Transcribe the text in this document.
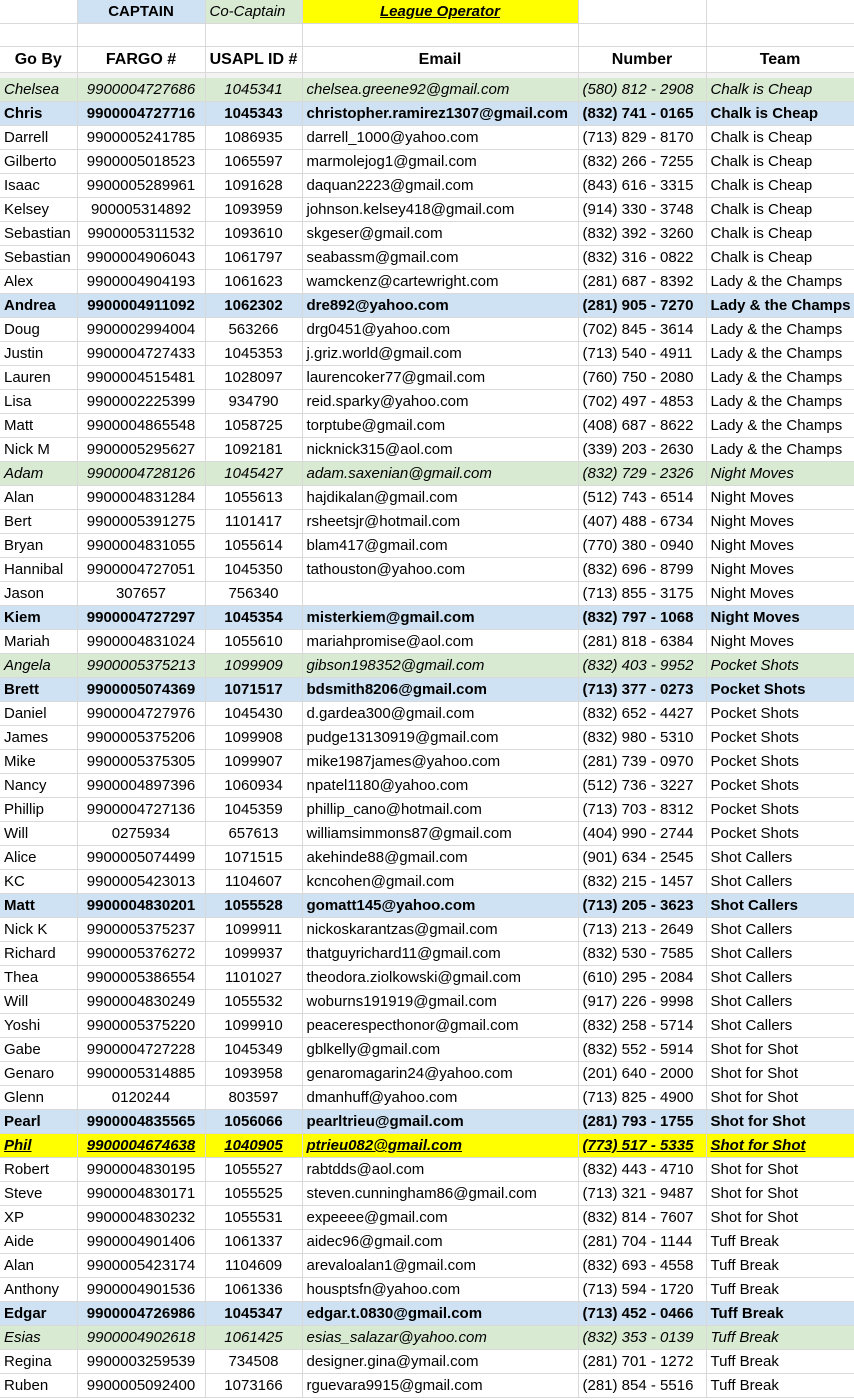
	CAPTAIN	Co-Captain	League Operator		

Go By	FARGO #	USAPL ID #	Email	Number	Team

Chelsea	9900004727686	1045341	chelsea.greene92@gmail.com	(580) 812 - 2908	Chalk is Cheap
Chris	9900004727716	1045343	christopher.ramirez1307@gmail.com	(832) 741 - 0165	Chalk is Cheap
Darrell	9900005241785	1086935	darrell_1000@yahoo.com	(713) 829 - 8170	Chalk is Cheap
Gilberto	9900005018523	1065597	marmolejog1@gmail.com	(832) 266 - 7255	Chalk is Cheap
Isaac	9900005289961	1091628	daquan2223@gmail.com	(843) 616 - 3315	Chalk is Cheap
Kelsey	900005314892	1093959	johnson.kelsey418@gmail.com	(914) 330 - 3748	Chalk is Cheap
Sebastian	9900005311532	1093610	skgeser@gmail.com	(832) 392 - 3260	Chalk is Cheap
Sebastian	9900004906043	1061797	seabassm@gmail.com	(832) 316 - 0822	Chalk is Cheap
Alex	9900004904193	1061623	wamckenz@cartewright.com	(281) 687 - 8392	Lady & the Champs
Andrea	9900004911092	1062302	dre892@yahoo.com	(281) 905 - 7270	Lady & the Champs
Doug	9900002994004	563266	drg0451@yahoo.com	(702) 845 - 3614	Lady & the Champs
Justin	9900004727433	1045353	j.griz.world@gmail.com	(713) 540 - 4911	Lady & the Champs
Lauren	9900004515481	1028097	laurencoker77@gmail.com	(760) 750 - 2080	Lady & the Champs
Lisa	9900002225399	934790	reid.sparky@yahoo.com	(702) 497 - 4853	Lady & the Champs
Matt	9900004865548	1058725	torptube@gmail.com	(408) 687 - 8622	Lady & the Champs
Nick M	9900005295627	1092181	nicknick315@aol.com	(339) 203 - 2630	Lady & the Champs
Adam	9900004728126	1045427	adam.saxenian@gmail.com	(832) 729 - 2326	Night Moves
Alan	9900004831284	1055613	hajdikalan@gmail.com	(512) 743 - 6514	Night Moves
Bert	9900005391275	1101417	rsheetsjr@hotmail.com	(407) 488 - 6734	Night Moves
Bryan	9900004831055	1055614	blam417@gmail.com	(770) 380 - 0940	Night Moves
Hannibal	9900004727051	1045350	tathouston@yahoo.com	(832) 696 - 8799	Night Moves
Jason	307657	756340		(713) 855 - 3175	Night Moves
Kiem	9900004727297	1045354	misterkiem@gmail.com	(832) 797 - 1068	Night Moves
Mariah	9900004831024	1055610	mariahpromise@aol.com	(281) 818 - 6384	Night Moves
Angela	9900005375213	1099909	gibson198352@gmail.com	(832) 403 - 9952	Pocket Shots
Brett	9900005074369	1071517	bdsmith8206@gmail.com	(713) 377 - 0273	Pocket Shots
Daniel	9900004727976	1045430	d.gardea300@gmail.com	(832) 652 - 4427	Pocket Shots
James	9900005375206	1099908	pudge13130919@gmail.com	(832) 980 - 5310	Pocket Shots
Mike	9900005375305	1099907	mike1987james@yahoo.com	(281) 739 - 0970	Pocket Shots
Nancy	9900004897396	1060934	npatel1180@yahoo.com	(512) 736 - 3227	Pocket Shots
Phillip	9900004727136	1045359	phillip_cano@hotmail.com	(713) 703 - 8312	Pocket Shots
Will	0275934	657613	williamsimmons87@gmail.com	(404) 990 - 2744	Pocket Shots
Alice	9900005074499	1071515	akehinde88@gmail.com	(901) 634 - 2545	Shot Callers
KC	9900005423013	1104607	kcncohen@gmail.com	(832) 215 - 1457	Shot Callers
Matt	9900004830201	1055528	gomatt145@yahoo.com	(713) 205 - 3623	Shot Callers
Nick K	9900005375237	1099911	nickoskarantzas@gmail.com	(713) 213 - 2649	Shot Callers
Richard	9900005376272	1099937	thatguyrichard11@gmail.com	(832) 530 - 7585	Shot Callers
Thea	9900005386554	1101027	theodora.ziolkowski@gmail.com	(610) 295 - 2084	Shot Callers
Will	9900004830249	1055532	woburns191919@gmail.com	(917) 226 - 9998	Shot Callers
Yoshi	9900005375220	1099910	peacerespecthonor@gmail.com	(832) 258 - 5714	Shot Callers
Gabe	9900004727228	1045349	gblkelly@gmail.com	(832) 552 - 5914	Shot for Shot
Genaro	9900005314885	1093958	genaromagarin24@yahoo.com	(201) 640 - 2000	Shot for Shot
Glenn	0120244	803597	dmanhuff@yahoo.com	(713) 825 - 4900	Shot for Shot
Pearl	9900004835565	1056066	pearltrieu@gmail.com	(281) 793 - 1755	Shot for Shot
Phil	9900004674638	1040905	ptrieu082@gmail.com	(773) 517 - 5335	Shot for Shot
Robert	9900004830195	1055527	rabtdds@aol.com	(832) 443 - 4710	Shot for Shot
Steve	9900004830171	1055525	steven.cunningham86@gmail.com	(713) 321 - 9487	Shot for Shot
XP	9900004830232	1055531	expeeee@gmail.com	(832) 814 - 7607	Shot for Shot
Aide	9900004901406	1061337	aidec96@gmail.com	(281) 704 - 1144	Tuff Break
Alan	9900005423174	1104609	arevaloalan1@gmail.com	(832) 693 - 4558	Tuff Break
Anthony	9900004901536	1061336	housptsfn@yahoo.com	(713) 594 - 1720	Tuff Break
Edgar	9900004726986	1045347	edgar.t.0830@gmail.com	(713) 452 - 0466	Tuff Break
Esias	9900004902618	1061425	esias_salazar@yahoo.com	(832) 353 - 0139	Tuff Break
Regina	9900003259539	734508	designer.gina@ymail.com	(281) 701 - 1272	Tuff Break
Ruben	9900005092400	1073166	rguevara9915@gmail.com	(281) 854 - 5516	Tuff Break
